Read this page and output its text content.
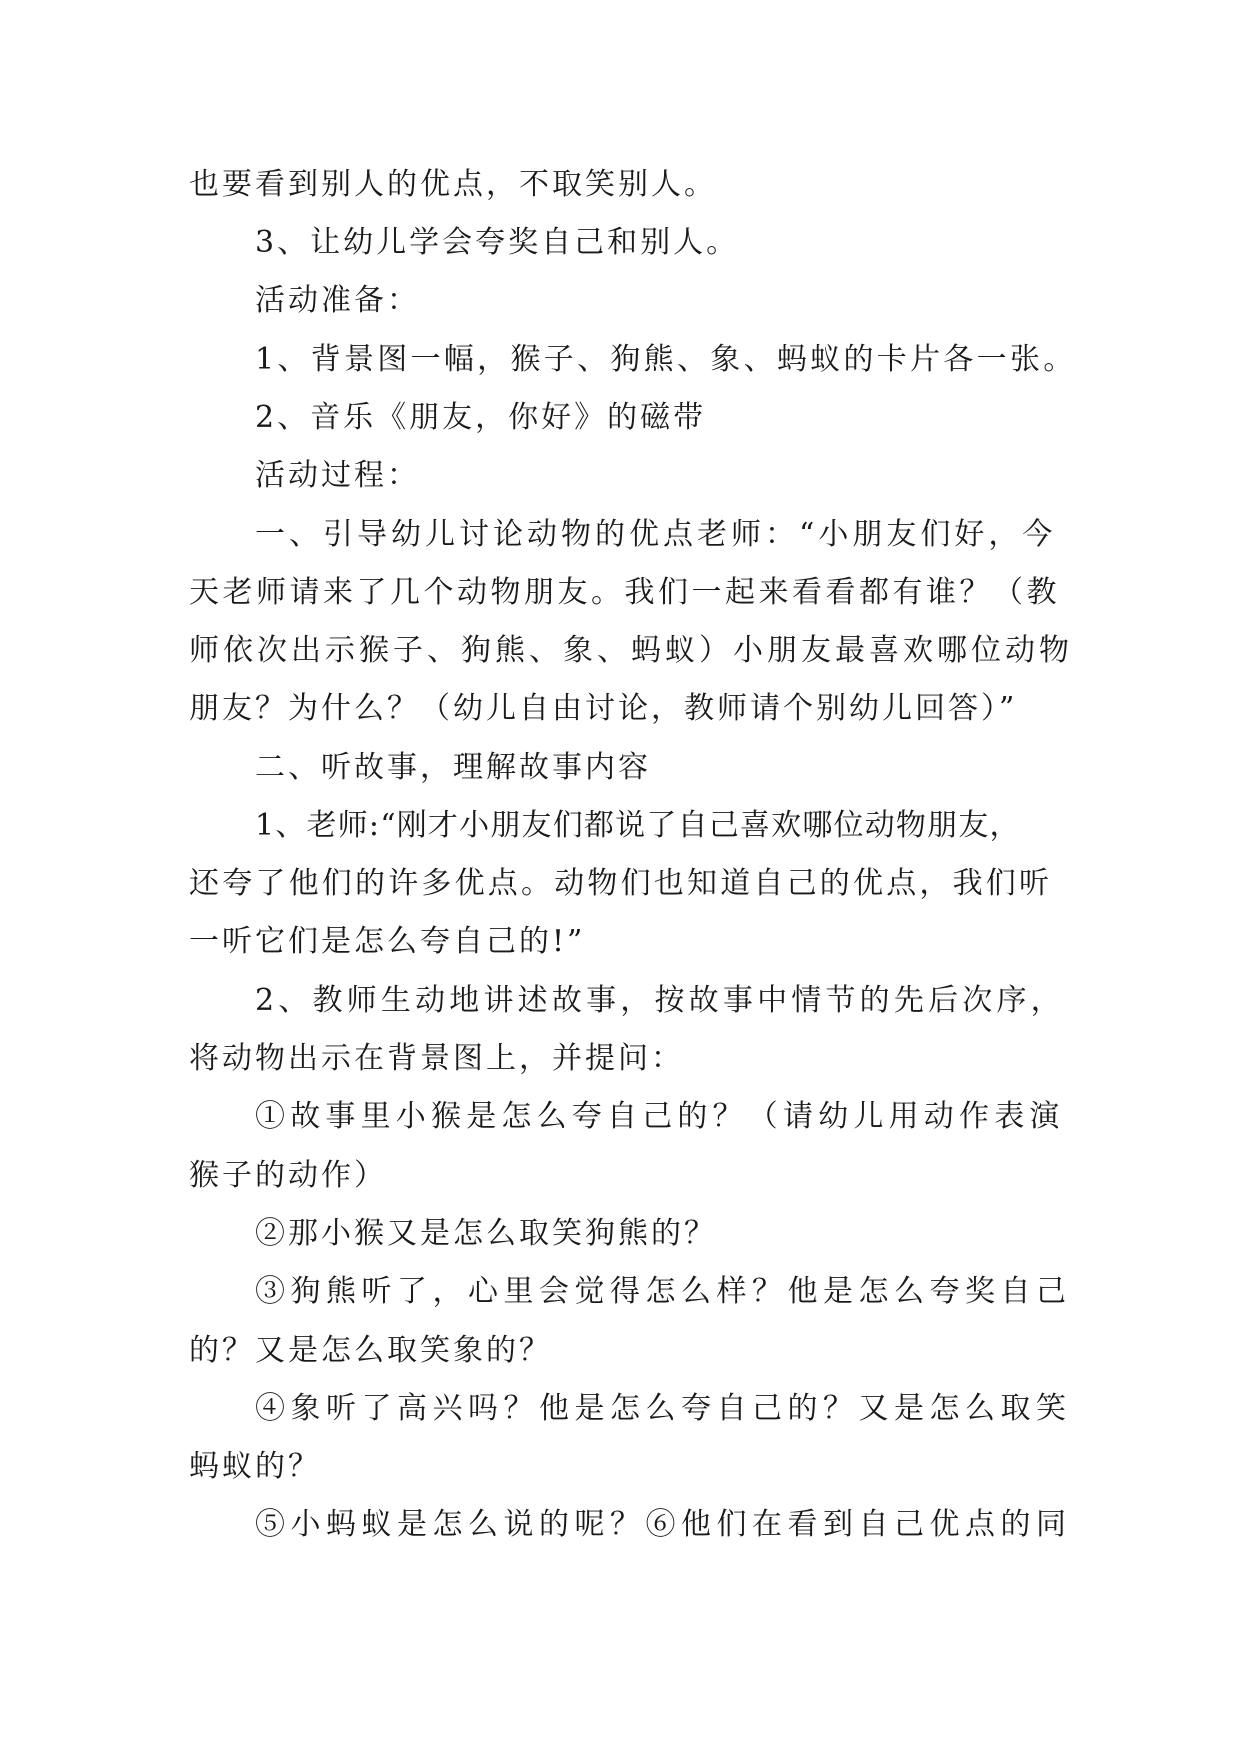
也要看到别人的优点，不取笑别人。
3、让幼儿学会夸奖自己和别人。
活动准备：
1、背景图一幅，猴子、狗熊、象、蚂蚁的卡片各一张。
2、音乐《朋友，你好》的磁带
活动过程：
一、引导幼儿讨论动物的优点老师：“小朋友们好，今
天老师请来了几个动物朋友。我们一起来看看都有谁？（教
师依次出示猴子、狗熊、象、蚂蚁）小朋友最喜欢哪位动物
朋友？为什么？（幼儿自由讨论，教师请个别幼儿回答）”
二、听故事，理解故事内容
1、老师:“刚才小朋友们都说了自己喜欢哪位动物朋友，
还夸了他们的许多优点。动物们也知道自己的优点，我们听
一听它们是怎么夸自己的!”
2、教师生动地讲述故事，按故事中情节的先后次序，
将动物出示在背景图上，并提问：
①故事里小猴是怎么夸自己的？（请幼儿用动作表演
猴子的动作）
②那小猴又是怎么取笑狗熊的？
③狗熊听了，心里会觉得怎么样？他是怎么夸奖自己
的？又是怎么取笑象的？
④象听了高兴吗？他是怎么夸自己的？又是怎么取笑
蚂蚁的？
⑤小蚂蚁是怎么说的呢？⑥他们在看到自己优点的同
